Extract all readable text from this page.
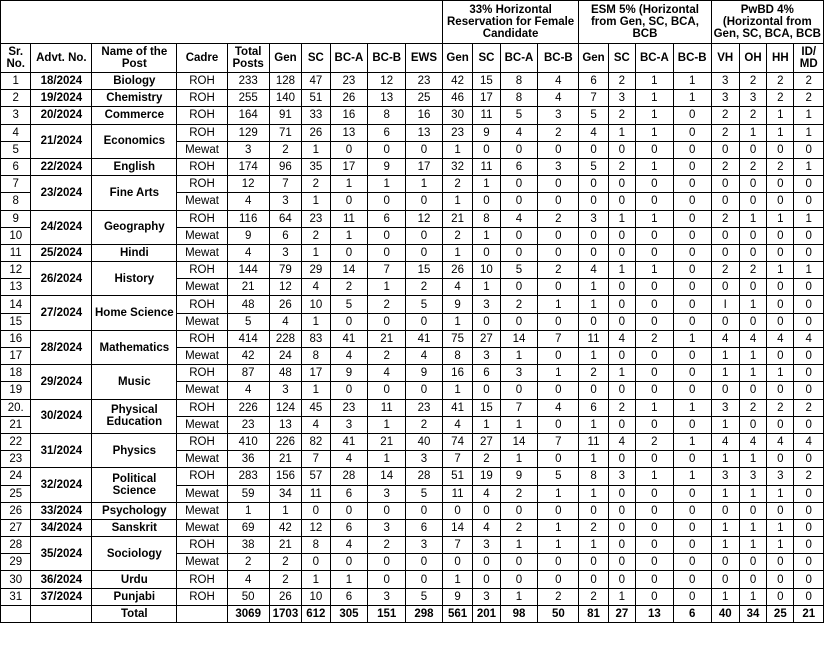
										33% Horizontal Reservation for Female Candidate				ESM 5% (Horizontal from Gen, SC, BCA, BCB				PwBD 4% (Horizontal from Gen, SC, BCA, BCB			
Sr. No.	Advt. No.	Name of the Post	Cadre	Total Posts	Gen	SC	BC-A	BC-B	EWS	Gen	SC	BC-A	BC-B	Gen	SC	BC-A	BC-B	VH	OH	HH	ID/ MD
1	18/2024	Biology	ROH	233	128	47	23	12	23	42	15	8	4	6	2	1	1	3	2	2	2
2	19/2024	Chemistry	ROH	255	140	51	26	13	25	46	17	8	4	7	3	1	1	3	3	2	2
3	20/2024	Commerce	ROH	164	91	33	16	8	16	30	11	5	3	5	2	1	0	2	2	1	1
4	21/2024	Economics	ROH	129	71	26	13	6	13	23	9	4	2	4	1	1	0	2	1	1	1
5			Mewat	3	2	1	0	0	0	1	0	0	0	0	0	0	0	0	0	0	0
6	22/2024	English	ROH	174	96	35	17	9	17	32	11	6	3	5	2	1	0	2	2	2	1
7	23/2024	Fine Arts	ROH	12	7	2	1	1	1	2	1	0	0	0	0	0	0	0	0	0	0
8			Mewat	4	3	1	0	0	0	1	0	0	0	0	0	0	0	0	0	0	0
9	24/2024	Geography	ROH	116	64	23	11	6	12	21	8	4	2	3	1	1	0	2	1	1	1
10			Mewat	9	6	2	1	0	0	2	1	0	0	0	0	0	0	0	0	0	0
11	25/2024	Hindi	Mewat	4	3	1	0	0	0	1	0	0	0	0	0	0	0	0	0	0	0
12	26/2024	History	ROH	144	79	29	14	7	15	26	10	5	2	4	1	1	0	2	2	1	1
13			Mewat	21	12	4	2	1	2	4	1	0	0	1	0	0	0	0	0	0	0
14	27/2024	Home Science	ROH	48	26	10	5	2	5	9	3	2	1	1	0	0	0	I	1	0	0
15			Mewat	5	4	1	0	0	0	1	0	0	0	0	0	0	0	0	0	0	0
16	28/2024	Mathematics	ROH	414	228	83	41	21	41	75	27	14	7	11	4	2	1	4	4	4	4
17			Mewat	42	24	8	4	2	4	8	3	1	0	1	0	0	0	1	1	0	0
18	29/2024	Music	ROH	87	48	17	9	4	9	16	6	3	1	2	1	0	0	1	1	1	0
19			Mewat	4	3	1	0	0	0	1	0	0	0	0	0	0	0	0	0	0	0
20.	30/2024	Physical Education	ROH	226	124	45	23	11	23	41	15	7	4	6	2	1	1	3	2	2	2
21			Mewat	23	13	4	3	1	2	4	1	1	0	1	0	0	0	1	0	0	0
22	31/2024	Physics	ROH	410	226	82	41	21	40	74	27	14	7	11	4	2	1	4	4	4	4
23			Mewat	36	21	7	4	1	3	7	2	1	0	1	0	0	0	1	1	0	0
24	32/2024	Political Science	ROH	283	156	57	28	14	28	51	19	9	5	8	3	1	1	3	3	3	2
25			Mewat	59	34	11	6	3	5	11	4	2	1	1	0	0	0	1	1	1	0
26	33/2024	Psychology	Mewat	1	1	0	0	0	0	0	0	0	0	0	0	0	0	0	0	0	0
27	34/2024	Sanskrit	Mewat	69	42	12	6	3	6	14	4	2	1	2	0	0	0	1	1	1	0
28	35/2024	Sociology	ROH	38	21	8	4	2	3	7	3	1	1	1	0	0	0	1	1	1	0
29			Mewat	2	2	0	0	0	0	0	0	0	0	0	0	0	0	0	0	0	0
30	36/2024	Urdu	ROH	4	2	1	1	0	0	1	0	0	0	0	0	0	0	0	0	0	0
31	37/2024	Punjabi	ROH	50	26	10	6	3	5	9	3	1	2	2	1	0	0	1	1	0	0
		Total		3069	1703	612	305	151	298	561	201	98	50	81	27	13	6	40	34	25	21
